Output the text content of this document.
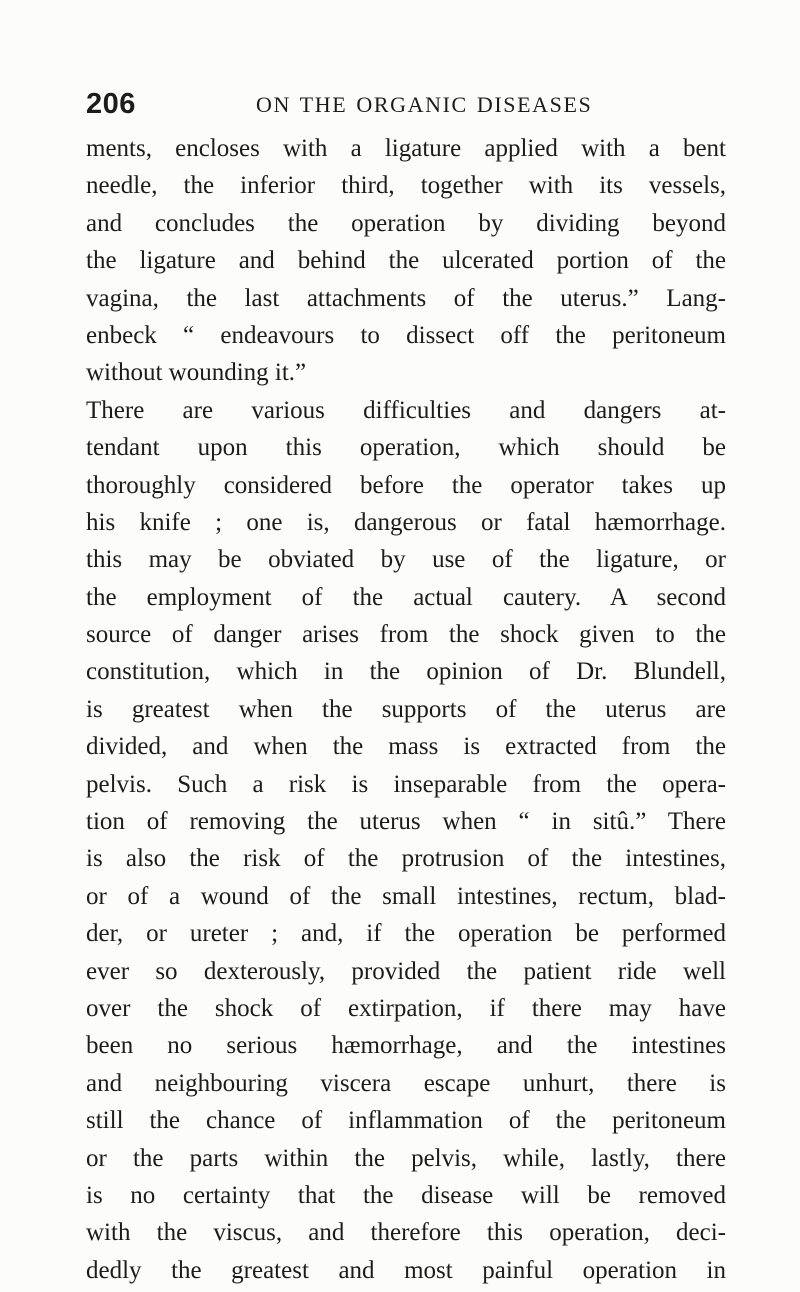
206	ON THE ORGANIC DISEASES
ments, encloses with a ligature applied with a bent
needle, the inferior third, together with its vessels,
and concludes the operation by dividing beyond
the ligature and behind the ulcerated portion of the
vagina, the last attachments of the uterus.” Lang-
enbeck “ endeavours to dissect off the peritoneum
without wounding it.”
There are various difficulties and dangers at-
tendant upon this operation, which should be
thoroughly considered before the operator takes up
his knife ; one is, dangerous or fatal hæmorrhage.
this may be obviated by use of the ligature, or
the employment of the actual cautery. A second
source of danger arises from the shock given to the
constitution, which in the opinion of Dr. Blundell,
is greatest when the supports of the uterus are
divided, and when the mass is extracted from the
pelvis. Such a risk is inseparable from the opera-
tion of removing the uterus when “ in sitû.” There
is also the risk of the protrusion of the intestines,
or of a wound of the small intestines, rectum, blad-
der, or ureter ; and, if the operation be performed
ever so dexterously, provided the patient ride well
over the shock of extirpation, if there may have
been no serious hæmorrhage, and the intestines
and neighbouring viscera escape unhurt, there is
still the chance of inflammation of the peritoneum
or the parts within the pelvis, while, lastly, there
is no certainty that the disease will be removed
with the viscus, and therefore this operation, deci-
dedly the greatest and most painful operation in
